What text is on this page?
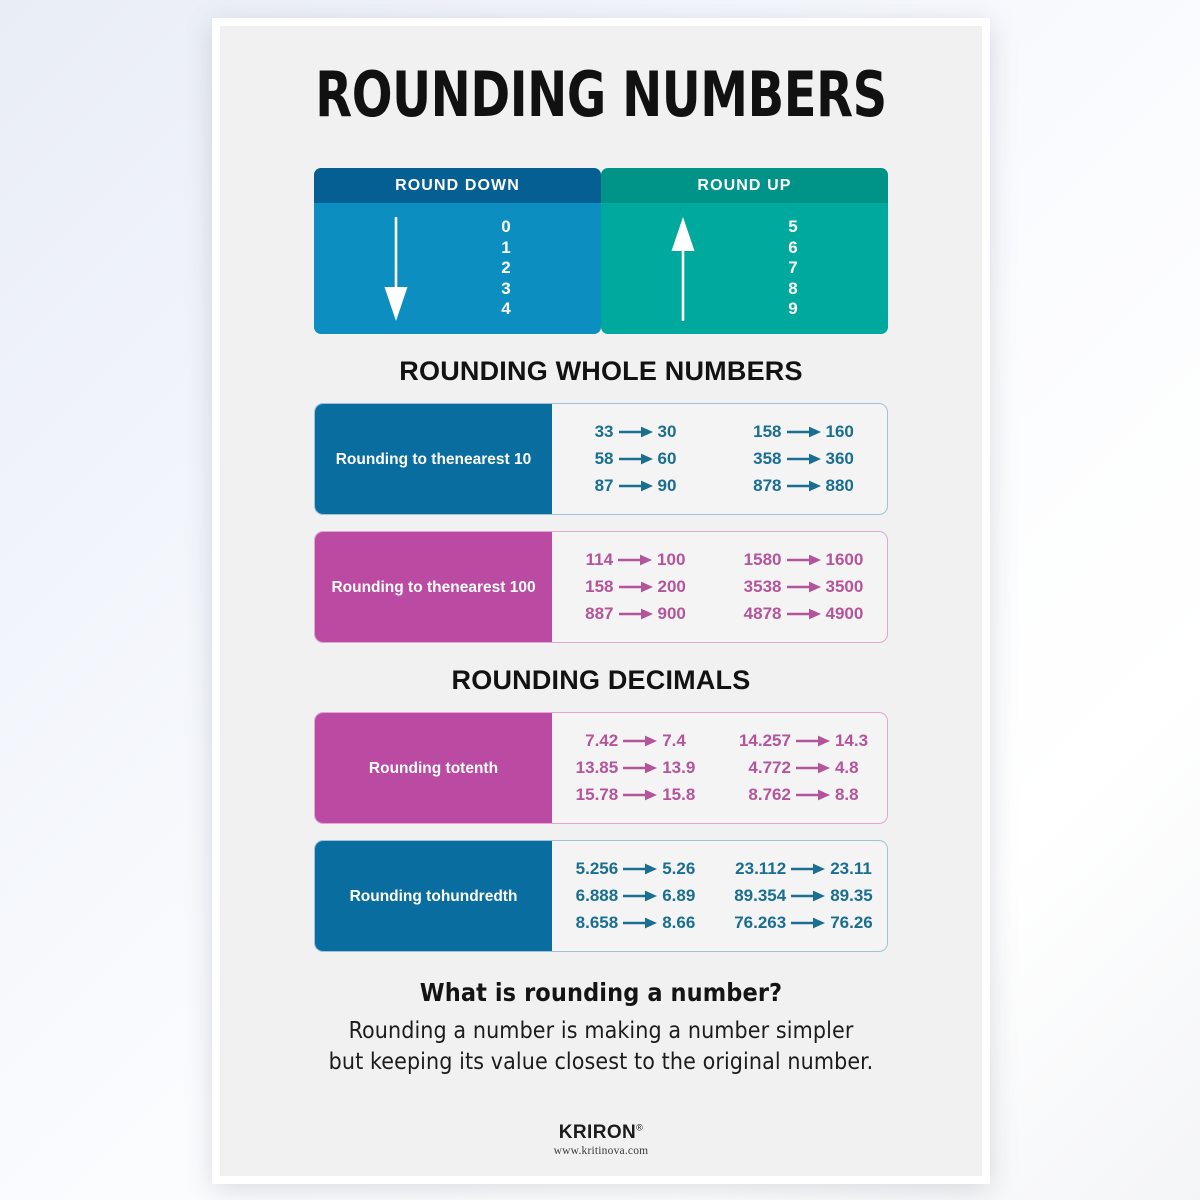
ROUNDING NUMBERS
ROUND DOWN
0
1
2
3
4
ROUND UP
5
6
7
8
9
ROUNDING WHOLE NUMBERS
Rounding to the nearest 10
33	30
58	60
87	90
158	160
358	360
878	880
Rounding to the nearest 100
114	100
158	200
887	900
1580	1600
3538	3500
4878	4900
ROUNDING DECIMALS
Rounding to tenth
7.42	7.4
13.85	13.9
15.78	15.8
14.257	14.3
4.772	4.8
8.762	8.8
Rounding to hundredth
5.256	5.26
6.888	6.89
8.658	8.66
23.112	23.11
89.354	89.35
76.263	76.26
What is rounding a number?
Rounding a number is making a number simpler
but keeping its value closest to the original number.
KRIRON®
www.kritinova.com
